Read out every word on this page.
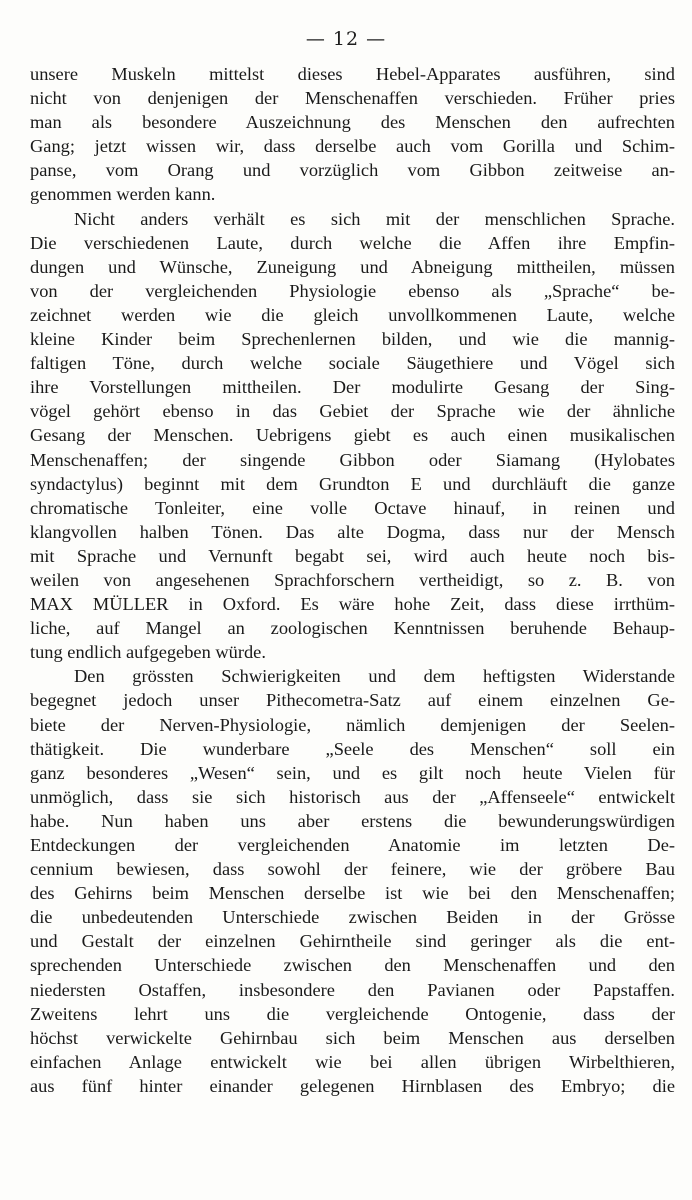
— 12 —
unsere Muskeln mittelst dieses Hebel-Apparates ausführen, sind
nicht von denjenigen der Menschenaffen verschieden. Früher pries
man als besondere Auszeichnung des Menschen den aufrechten
Gang; jetzt wissen wir, dass derselbe auch vom Gorilla und Schim-
panse, vom Orang und vorzüglich vom Gibbon zeitweise an-
genommen werden kann.
Nicht anders verhält es sich mit der menschlichen Sprache.
Die verschiedenen Laute, durch welche die Affen ihre Empfin-
dungen und Wünsche, Zuneigung und Abneigung mittheilen, müssen
von der vergleichenden Physiologie ebenso als „Sprache“ be-
zeichnet werden wie die gleich unvollkommenen Laute, welche
kleine Kinder beim Sprechenlernen bilden, und wie die mannig-
faltigen Töne, durch welche sociale Säugethiere und Vögel sich
ihre Vorstellungen mittheilen. Der modulirte Gesang der Sing-
vögel gehört ebenso in das Gebiet der Sprache wie der ähnliche
Gesang der Menschen. Uebrigens giebt es auch einen musikalischen
Menschenaffen; der singende Gibbon oder Siamang (Hylobates
syndactylus) beginnt mit dem Grundton E und durchläuft die ganze
chromatische Tonleiter, eine volle Octave hinauf, in reinen und
klangvollen halben Tönen. Das alte Dogma, dass nur der Mensch
mit Sprache und Vernunft begabt sei, wird auch heute noch bis-
weilen von angesehenen Sprachforschern vertheidigt, so z. B. von
MAX MÜLLER in Oxford. Es wäre hohe Zeit, dass diese irrthüm-
liche, auf Mangel an zoologischen Kenntnissen beruhende Behaup-
tung endlich aufgegeben würde.
Den grössten Schwierigkeiten und dem heftigsten Widerstande
begegnet jedoch unser Pithecometra-Satz auf einem einzelnen Ge-
biete der Nerven-Physiologie, nämlich demjenigen der Seelen-
thätigkeit. Die wunderbare „Seele des Menschen“ soll ein
ganz besonderes „Wesen“ sein, und es gilt noch heute Vielen für
unmöglich, dass sie sich historisch aus der „Affenseele“ entwickelt
habe. Nun haben uns aber erstens die bewunderungswürdigen
Entdeckungen der vergleichenden Anatomie im letzten De-
cennium bewiesen, dass sowohl der feinere, wie der gröbere Bau
des Gehirns beim Menschen derselbe ist wie bei den Menschenaffen;
die unbedeutenden Unterschiede zwischen Beiden in der Grösse
und Gestalt der einzelnen Gehirntheile sind geringer als die ent-
sprechenden Unterschiede zwischen den Menschenaffen und den
niedersten Ostaffen, insbesondere den Pavianen oder Papstaffen.
Zweitens lehrt uns die vergleichende Ontogenie, dass der
höchst verwickelte Gehirnbau sich beim Menschen aus derselben
einfachen Anlage entwickelt wie bei allen übrigen Wirbelthieren,
aus fünf hinter einander gelegenen Hirnblasen des Embryo; die
